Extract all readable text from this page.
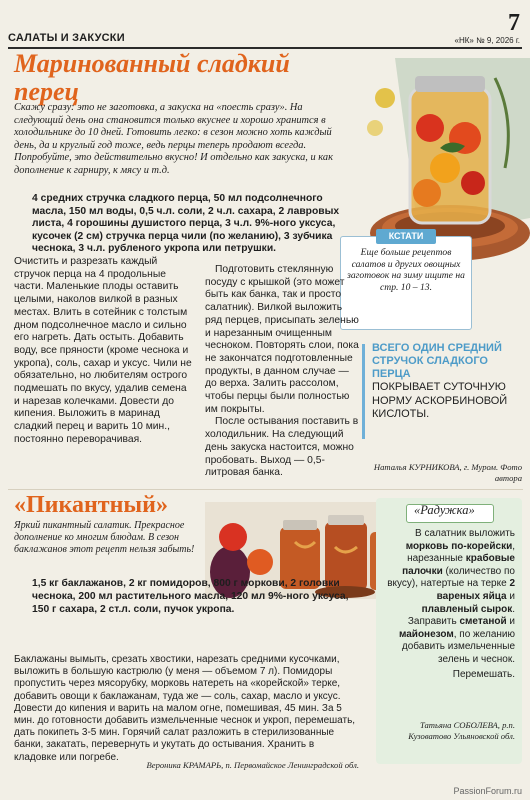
САЛАТЫ И ЗАКУСКИ
7
«НК» № 9, 2026 г.
Маринованный сладкий перец
Скажу сразу: это не заготовка, а закуска на «поесть сразу». На следующий день она становится только вкуснее и хорошо хранится в холодильнике до 10 дней. Готовить легко: в сезон можно хоть каждый день, да и круглый год тоже, ведь перцы теперь продают всегда. Попробуйте, это действительно вкусно! И отдельно как закуска, и как дополнение к гарниру, к мясу и т.д.
КСТАТИ
Еще больше рецептов салатов и других овощных заготовок на зиму ищите на стр. 10 – 13.
4 средних стручка сладкого перца, 50 мл подсолнечного масла, 150 мл воды, 0,5 ч.л. соли, 2 ч.л. сахара, 2 лавровых листа, 4 горошины душистого перца, 3 ч.л. 9%-ного уксуса, кусочек (2 см) стручка перца чили (по желанию), 3 зубчика чеснока, 3 ч.л. рубленого укропа или петрушки.

Очистить и разрезать каждый стручок перца на 4 продольные части. Маленькие плоды оставить целыми, наколов вилкой в разных местах. Влить в сотейник с толстым дном подсолнечное масло и сильно его нагреть. Дать остыть. Добавить воду, все пряности (кроме чеснока и укропа), соль, сахар и уксус. Чили не обязательно, но любителям острого подмешать по вкусу, удалив семена и нарезав колечками. Довести до кипения. Выложить в маринад сладкий перец и варить 10 мин., постоянно переворачивая.

Подготовить стеклянную посуду с крышкой (это может быть как банка, так и просто салатник). Вилкой выложить ряд перцев, присыпать зеленью и нарезанным очищенным чесноком. Повторять слои, пока не закончатся подготовленные продукты, в данном случае — до верха. Залить рассолом, чтобы перцы были полностью им покрыты.

После остывания поставить в холодильник. На следующий день закуска настоится, можно пробовать. Выход — 0,5-литровая банка.

ВСЕГО ОДИН СРЕДНИЙ СТРУЧОК СЛАДКОГО ПЕРЦА
ПОКРЫВАЕТ СУТОЧНУЮ НОРМУ АСКОРБИНОВОЙ КИСЛОТЫ.
Наталья КУРНИКОВА, г. Муром. Фото автора
«Пикантный»
Яркий пикантный салатик. Прекрасное дополнение ко многим блюдам. В сезон баклажанов этот рецепт нельзя забыть!
1,5 кг баклажанов, 2 кг помидоров, 800 г моркови, 2 головки чеснока, 200 мл растительного масла, 120 мл 9%-ного уксуса, 150 г сахара, 2 ст.л. соли, пучок укропа.
Баклажаны вымыть, срезать хвостики, нарезать средними кусочками, выложить в большую кастрюлю (у меня — объемом 7 л). Помидоры пропустить через мясорубку, морковь натереть на «корейской» терке, добавить овощи к баклажанам, туда же — соль, сахар, масло и уксус. Довести до кипения и варить на малом огне, помешивая, 45 мин. За 5 мин. до готовности добавить измельченные чеснок и укроп, перемешать, дать покипеть 3-5 мин. Горячий салат разложить в стерилизованные банки, закатать, перевернуть и укутать до остывания. Хранить в кладовке или погребе.
Вероника КРАМАРЬ, п. Первомайское Ленинградской обл.
«Радужка»
В салатник выложить морковь по-корейски, нарезанные крабовые палочки (количество по вкусу), натертые на терке 2 вареных яйца и плавленый сырок. Заправить сметаной и майонезом, по желанию добавить измельченные зелень и чеснок.
Перемешать.
Татьяна СОБОЛЕВА, р.п. Кузоватово Ульяновской обл.
PassionForum.ru
